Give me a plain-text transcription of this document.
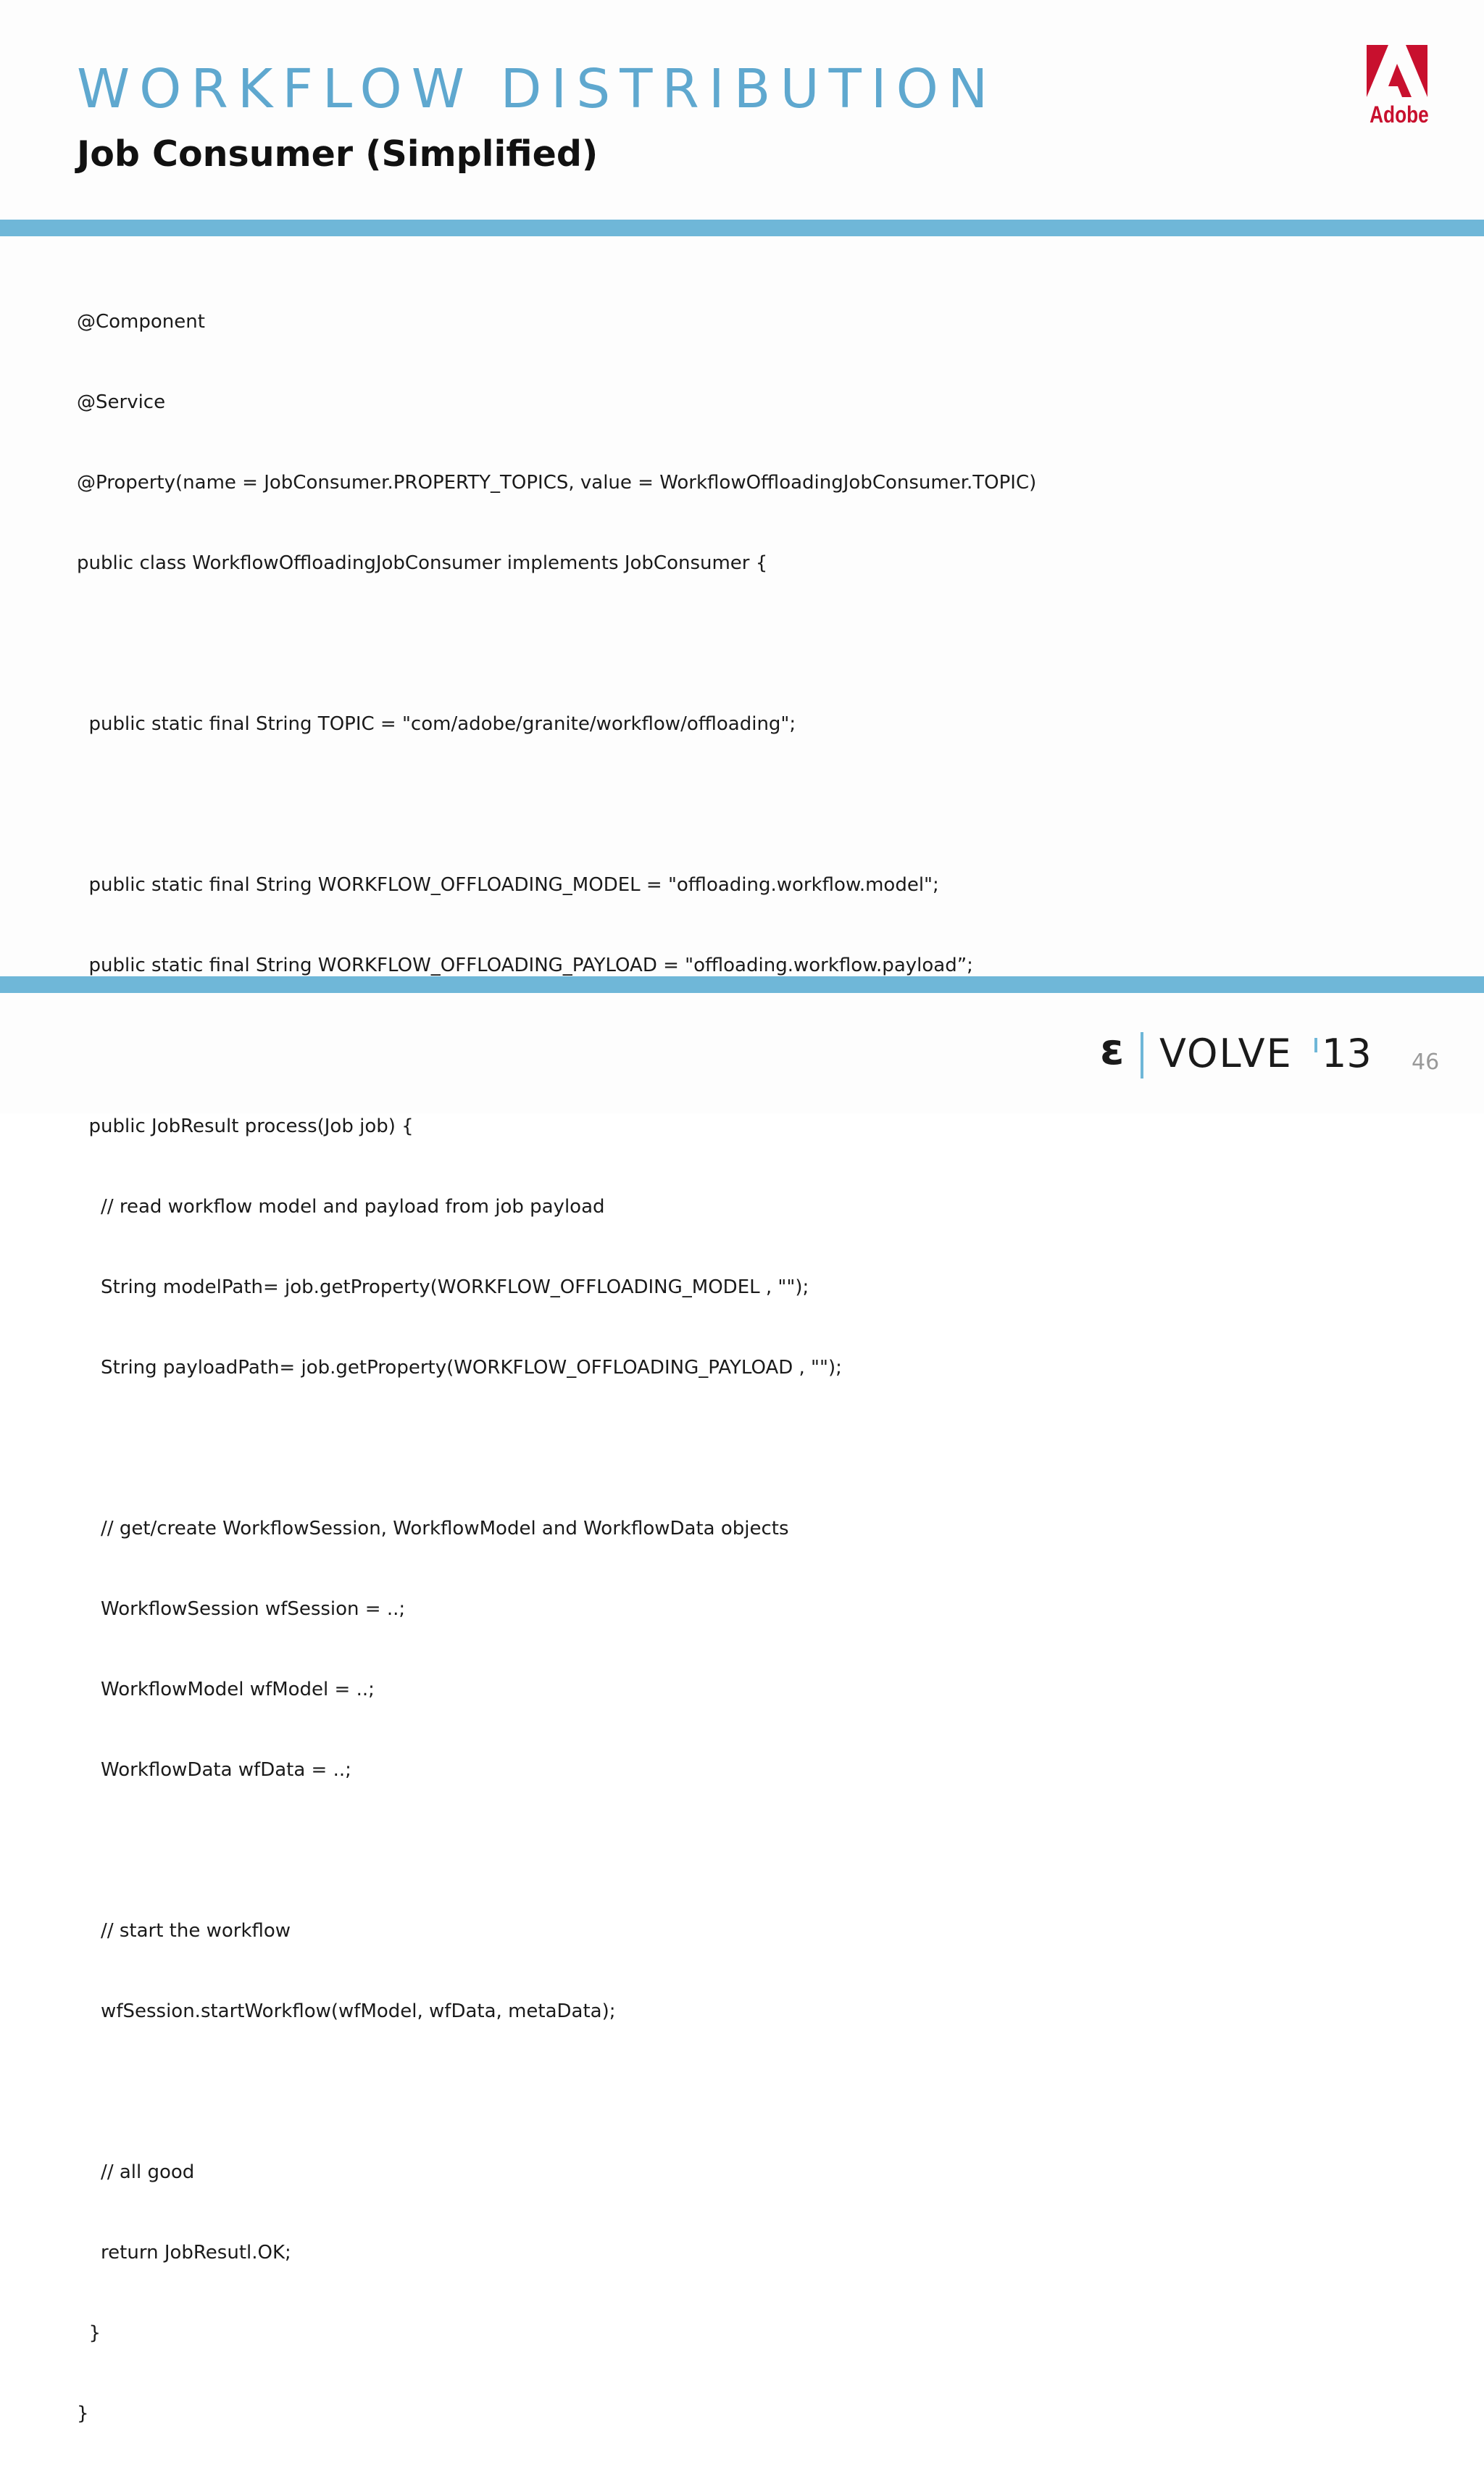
WORKFLOW DISTRIBUTION
Job Consumer (Simplified)
Adobe

@Component

@Service

@Property(name = JobConsumer.PROPERTY_TOPICS, value = WorkflowOffloadingJobConsumer.TOPIC)

public class WorkflowOffloadingJobConsumer implements JobConsumer {

public static final String TOPIC = "com/adobe/granite/workflow/offloading";

public static final String WORKFLOW_OFFLOADING_MODEL = "offloading.workflow.model";

public static final String WORKFLOW_OFFLOADING_PAYLOAD = "offloading.workflow.payload”;

public JobResult process(Job job) {

// read workflow model and payload from job payload

String modelPath= job.getProperty(WORKFLOW_OFFLOADING_MODEL , "");

String payloadPath= job.getProperty(WORKFLOW_OFFLOADING_PAYLOAD , "");

// get/create WorkflowSession, WorkflowModel and WorkflowData objects

WorkflowSession wfSession = ..;

WorkflowModel wfModel = ..;

WorkflowData wfData = ..;

// start the workflow

wfSession.startWorkflow(wfModel, wfData, metaData);

// all good

return JobResutl.OK;

}

}

ε VOLVE 13 46
